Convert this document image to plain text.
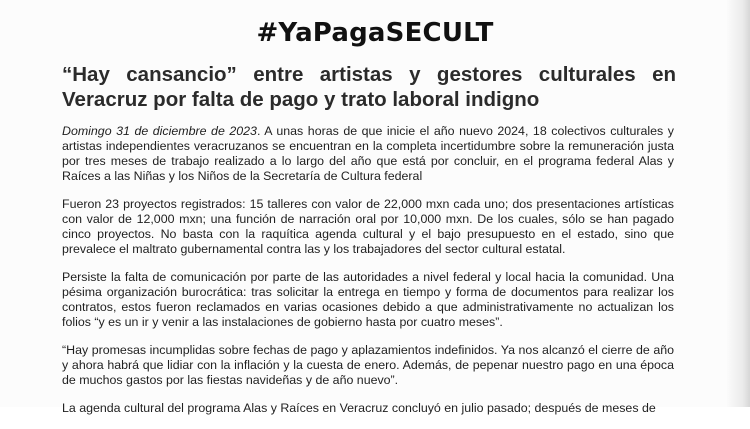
#YaPagaSECULT
“Hay cansancio” entre artistas y gestores culturales en Veracruz por falta de pago y trato laboral indigno

Domingo 31 de diciembre de 2023. A unas horas de que inicie el año nuevo 2024, 18 colectivos culturales y artistas independientes veracruzanos se encuentran en la completa incertidumbre sobre la remuneración justa por tres meses de trabajo realizado a lo largo del año que está por concluir, en el programa federal Alas y Raíces a las Niñas y los Niños de la Secretaría de Cultura federal

Fueron 23 proyectos registrados: 15 talleres con valor de 22,000 mxn cada uno; dos presentaciones artísticas con valor de 12,000 mxn; una función de narración oral por 10,000 mxn. De los cuales, sólo se han pagado cinco proyectos. No basta con la raquítica agenda cultural y el bajo presupuesto en el estado, sino que prevalece el maltrato gubernamental contra las y los trabajadores del sector cultural estatal.

Persiste la falta de comunicación por parte de las autoridades a nivel federal y local hacia la comunidad. Una pésima organización burocrática: tras solicitar la entrega en tiempo y forma de documentos para realizar los contratos, estos fueron reclamados en varias ocasiones debido a que administrativamente no actualizan los folios “y es un ir y venir a las instalaciones de gobierno hasta por cuatro meses”.

“Hay promesas incumplidas sobre fechas de pago y aplazamientos indefinidos. Ya nos alcanzó el cierre de año y ahora habrá que lidiar con la inflación y la cuesta de enero. Además, de pepenar nuestro pago en una época de muchos gastos por las fiestas navideñas y de año nuevo”.

La agenda cultural del programa Alas y Raíces en Veracruz concluyó en julio pasado; después de meses de
